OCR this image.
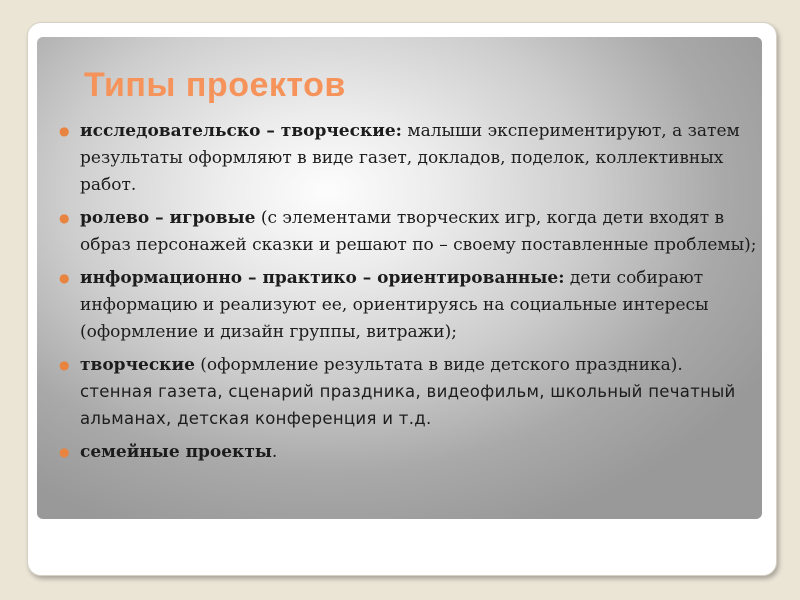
Типы проектов
● исследовательско – творческие: малыши экспериментируют, а затем результаты оформляют в виде газет, докладов, поделок, коллективных работ.
● ролево – игровые (с элементами творческих игр, когда дети входят в образ персонажей сказки и решают по – своему поставленные проблемы);
● информационно – практико – ориентированные: дети собирают информацию и реализуют ее, ориентируясь на социальные интересы (оформление и дизайн группы, витражи);
● творческие (оформление результата в виде детского праздника). стенная газета, сценарий праздника, видеофильм, школьный печатный альманах, детская конференция и т.д.
● семейные проекты.
